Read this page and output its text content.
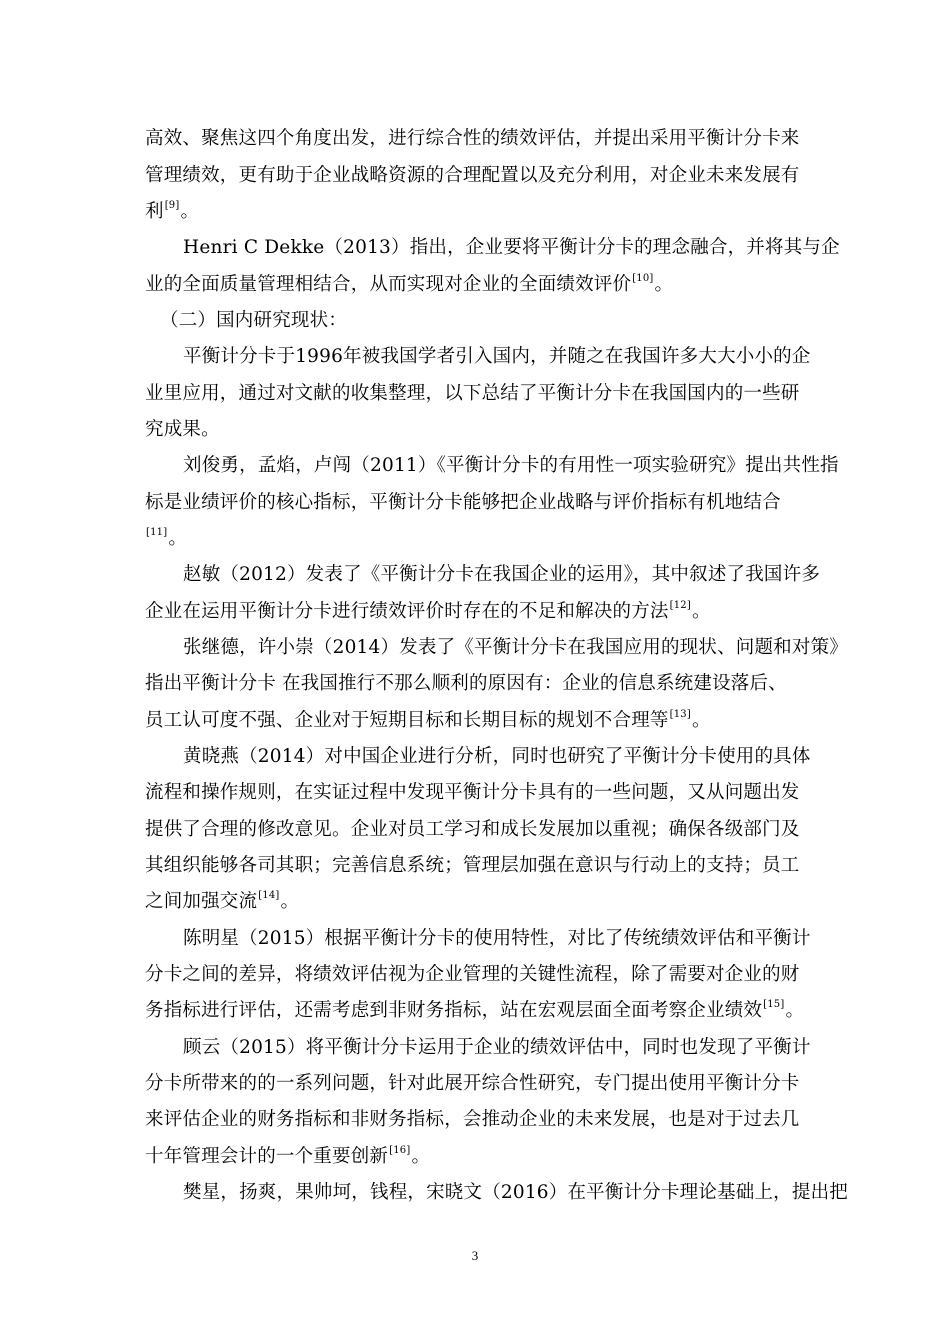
高效、聚焦这四个角度出发，进行综合性的绩效评估，并提出采用平衡计分卡来
管理绩效，更有助于企业战略资源的合理配置以及充分利用，对企业未来发展有
利[9]。
Henri C Dekke（2013）指出，企业要将平衡计分卡的理念融合，并将其与企
业的全面质量管理相结合，从而实现对企业的全面绩效评价[10]。
（二）国内研究现状：
平衡计分卡于1996年被我国学者引入国内，并随之在我国许多大大小小的企
业里应用，通过对文献的收集整理，以下总结了平衡计分卡在我国国内的一些研
究成果。
刘俊勇，孟焰，卢闯（2011）《平衡计分卡的有用性一项实验研究》提出共性指
标是业绩评价的核心指标，平衡计分卡能够把企业战略与评价指标有机地结合
[11]。
赵敏（2012）发表了《平衡计分卡在我国企业的运用》，其中叙述了我国许多
企业在运用平衡计分卡进行绩效评价时存在的不足和解决的方法[12]。
张继德，许小崇（2014）发表了《平衡计分卡在我国应用的现状、问题和对策》
指出平衡计分卡 在我国推行不那么顺利的原因有：企业的信息系统建设落后、
员工认可度不强、企业对于短期目标和长期目标的规划不合理等[13]。
黄晓燕（2014）对中国企业进行分析，同时也研究了平衡计分卡使用的具体
流程和操作规则，在实证过程中发现平衡计分卡具有的一些问题，又从问题出发
提供了合理的修改意见。企业对员工学习和成长发展加以重视；确保各级部门及
其组织能够各司其职；完善信息系统；管理层加强在意识与行动上的支持；员工
之间加强交流[14]。
陈明星（2015）根据平衡计分卡的使用特性，对比了传统绩效评估和平衡计
分卡之间的差异，将绩效评估视为企业管理的关键性流程，除了需要对企业的财
务指标进行评估，还需考虑到非财务指标，站在宏观层面全面考察企业绩效[15]。
顾云（2015）将平衡计分卡运用于企业的绩效评估中，同时也发现了平衡计
分卡所带来的的一系列问题，针对此展开综合性研究，专门提出使用平衡计分卡
来评估企业的财务指标和非财务指标，会推动企业的未来发展，也是对于过去几
十年管理会计的一个重要创新[16]。
樊星，扬爽，果帅坷，钱程，宋晓文（2016）在平衡计分卡理论基础上，提出把
3
